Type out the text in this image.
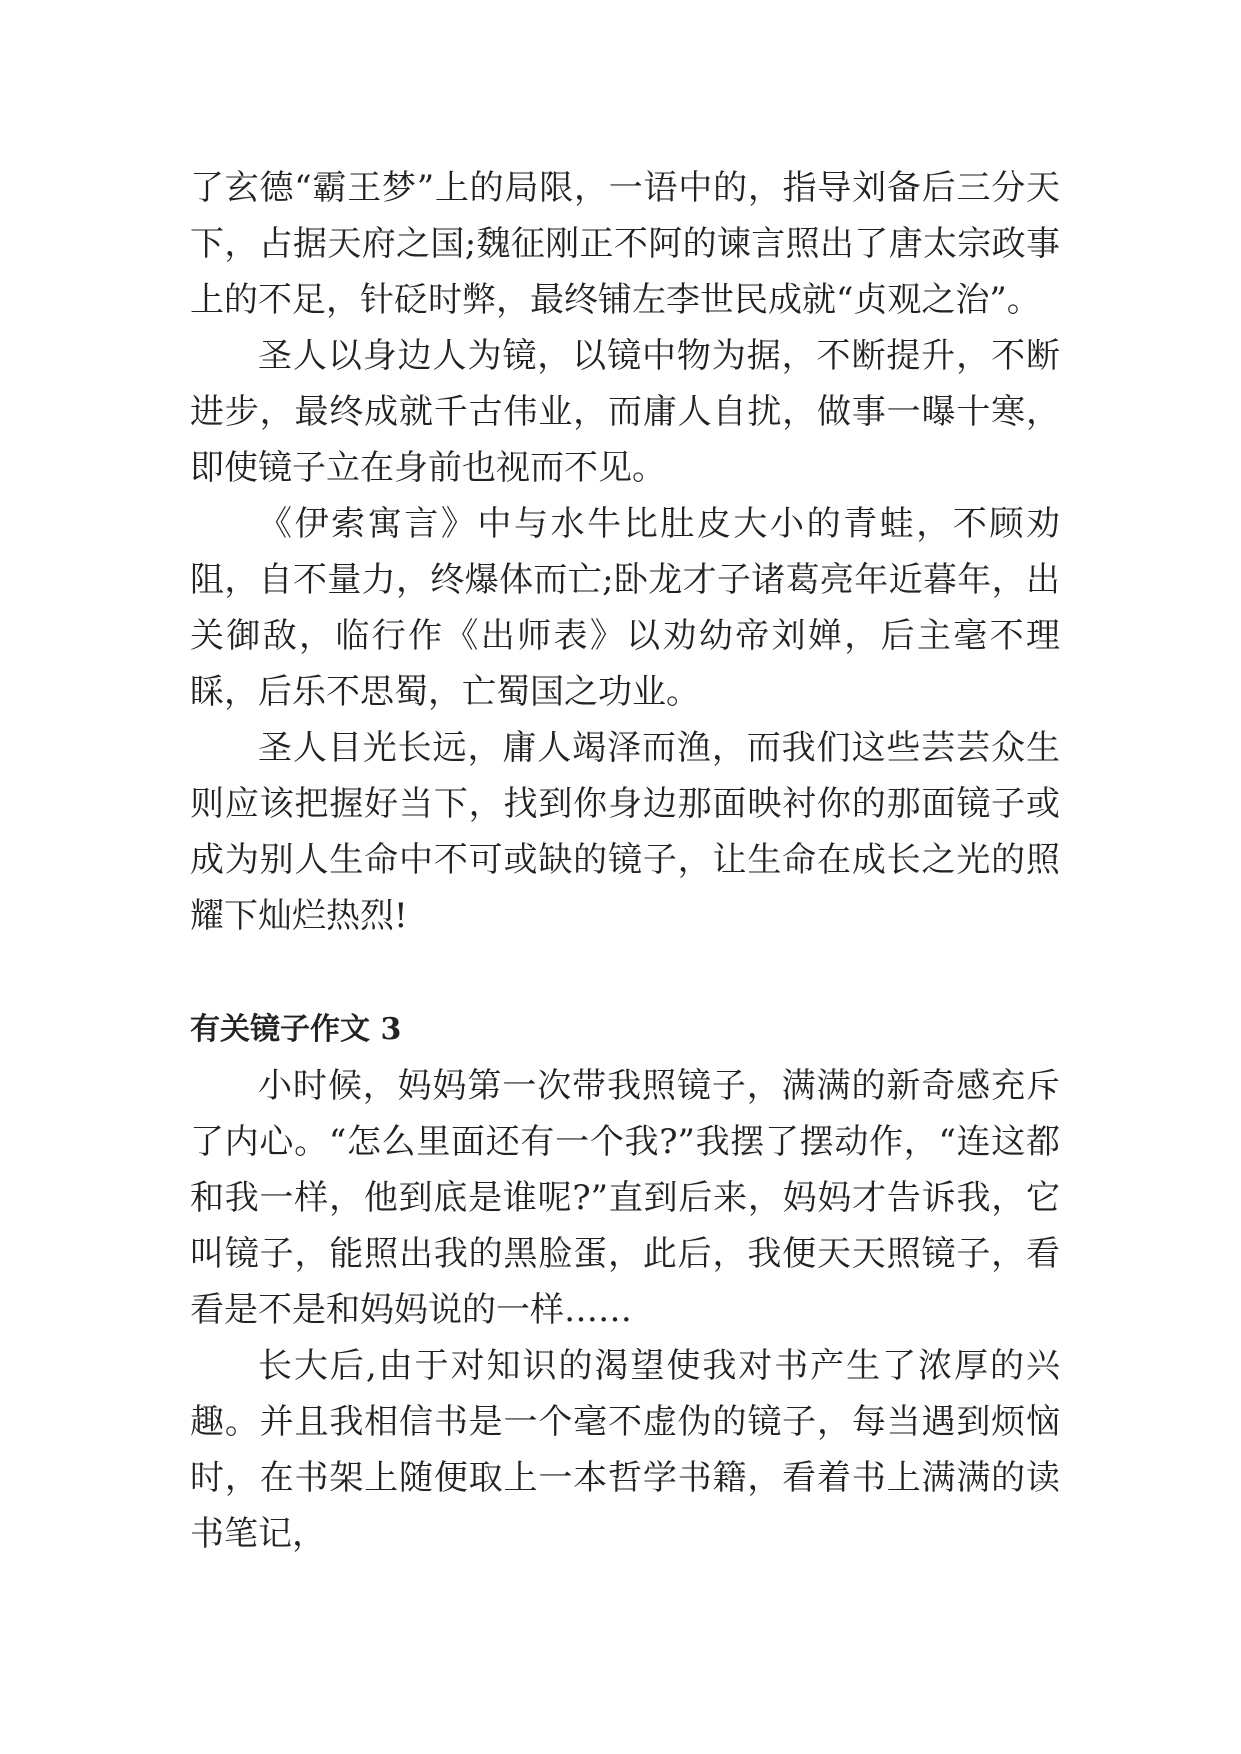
了玄德“霸王梦”上的局限，一语中的，指导刘备后三分天下，占据天府之国;魏征刚正不阿的谏言照出了唐太宗政事上的不足，针砭时弊，最终铺左李世民成就“贞观之治”。

圣人以身边人为镜，以镜中物为据，不断提升，不断进步，最终成就千古伟业，而庸人自扰，做事一曝十寒，即使镜子立在身前也视而不见。

《伊索寓言》中与水牛比肚皮大小的青蛙，不顾劝阻，自不量力，终爆体而亡;卧龙才子诸葛亮年近暮年，出关御敌，临行作《出师表》以劝幼帝刘婵，后主毫不理睬，后乐不思蜀，亡蜀国之功业。

圣人目光长远，庸人竭泽而渔，而我们这些芸芸众生则应该把握好当下，找到你身边那面映衬你的那面镜子或成为别人生命中不可或缺的镜子，让生命在成长之光的照耀下灿烂热烈!

有关镜子作文 3

小时候，妈妈第一次带我照镜子，满满的新奇感充斥了内心。“怎么里面还有一个我?”我摆了摆动作，“连这都和我一样，他到底是谁呢?”直到后来，妈妈才告诉我，它叫镜子，能照出我的黑脸蛋，此后，我便天天照镜子，看看是不是和妈妈说的一样……

长大后,由于对知识的渴望使我对书产生了浓厚的兴趣。并且我相信书是一个毫不虚伪的镜子，每当遇到烦恼时，在书架上随便取上一本哲学书籍，看着书上满满的读书笔记，
